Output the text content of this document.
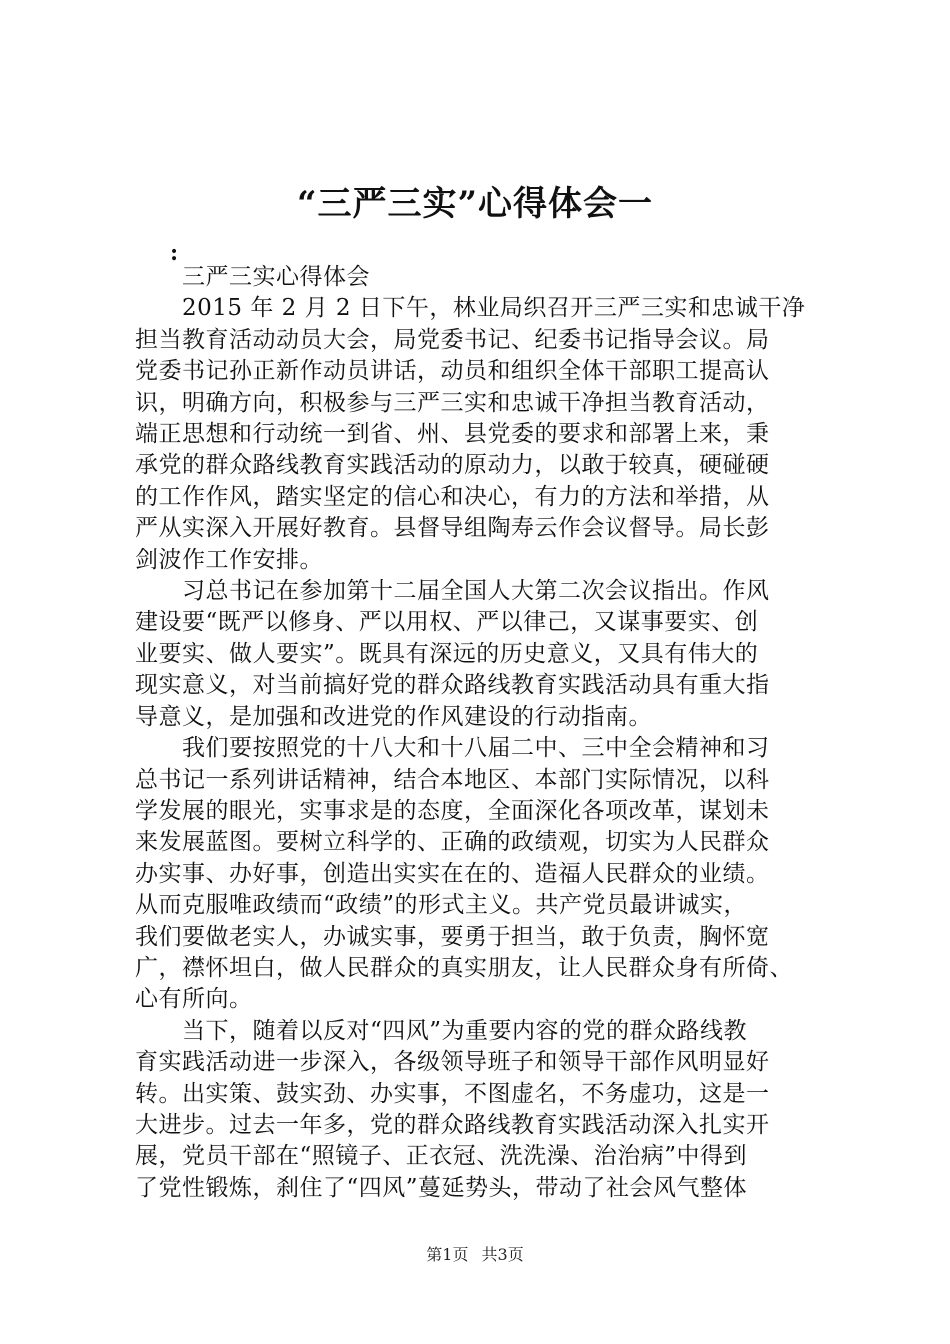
“三严三实”心得体会一
:
三严三实心得体会
2015 年 2 月 2 日下午，林业局织召开三严三实和忠诚干净
担当教育活动动员大会，局党委书记、纪委书记指导会议。局
党委书记孙正新作动员讲话，动员和组织全体干部职工提高认
识，明确方向，积极参与三严三实和忠诚干净担当教育活动，
端正思想和行动统一到省、州、县党委的要求和部署上来，秉
承党的群众路线教育实践活动的原动力，以敢于较真，硬碰硬
的工作作风，踏实坚定的信心和决心，有力的方法和举措，从
严从实深入开展好教育。县督导组陶寿云作会议督导。局长彭
剑波作工作安排。
习总书记在参加第十二届全国人大第二次会议指出。作风
建设要“既严以修身、严以用权、严以律己，又谋事要实、创
业要实、做人要实”。既具有深远的历史意义，又具有伟大的
现实意义，对当前搞好党的群众路线教育实践活动具有重大指
导意义，是加强和改进党的作风建设的行动指南。
我们要按照党的十八大和十八届二中、三中全会精神和习
总书记一系列讲话精神，结合本地区、本部门实际情况，以科
学发展的眼光，实事求是的态度，全面深化各项改革，谋划未
来发展蓝图。要树立科学的、正确的政绩观，切实为人民群众
办实事、办好事，创造出实实在在的、造福人民群众的业绩。
从而克服唯政绩而“政绩”的形式主义。共产党员最讲诚实，
我们要做老实人，办诚实事，要勇于担当，敢于负责，胸怀宽
广，襟怀坦白，做人民群众的真实朋友，让人民群众身有所倚、
心有所向。
当下，随着以反对“四风”为重要内容的党的群众路线教
育实践活动进一步深入，各级领导班子和领导干部作风明显好
转。出实策、鼓实劲、办实事，不图虚名，不务虚功，这是一
大进步。过去一年多，党的群众路线教育实践活动深入扎实开
展，党员干部在“照镜子、正衣冠、洗洗澡、治治病”中得到
了党性锻炼，刹住了“四风”蔓延势头，带动了社会风气整体
第1页 共3页
